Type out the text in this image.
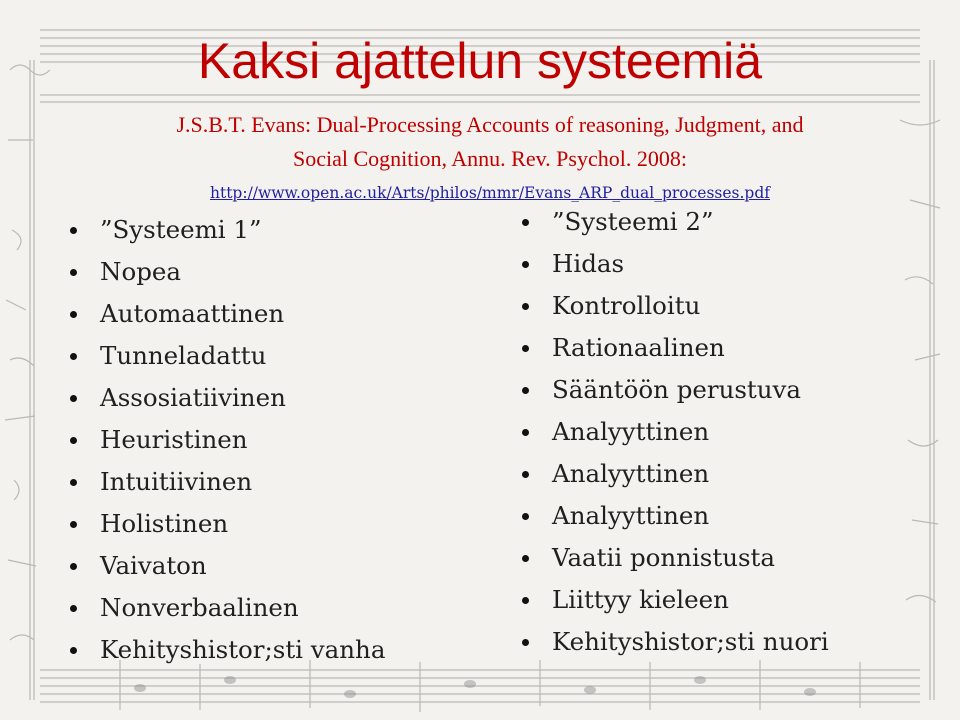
Kaksi ajattelun systeemiä
J.S.B.T. Evans: Dual-Processing Accounts of reasoning, Judgment, and
Social Cognition, Annu. Rev. Psychol. 2008:
http://www.open.ac.uk/Arts/philos/mmr/Evans_ARP_dual_processes.pdf
”Systeemi 1”
Nopea
Automaattinen
Tunneladattu
Assosiatiivinen
Heuristinen
Intuitiivinen
Holistinen
Vaivaton
Nonverbaalinen
Kehityshistor;sti vanha
”Systeemi 2”
Hidas
Kontrolloitu
Rationaalinen
Sääntöön perustuva
Analyyttinen
Analyyttinen
Analyyttinen
Vaatii ponnistusta
Liittyy kieleen
Kehityshistor;sti nuori
